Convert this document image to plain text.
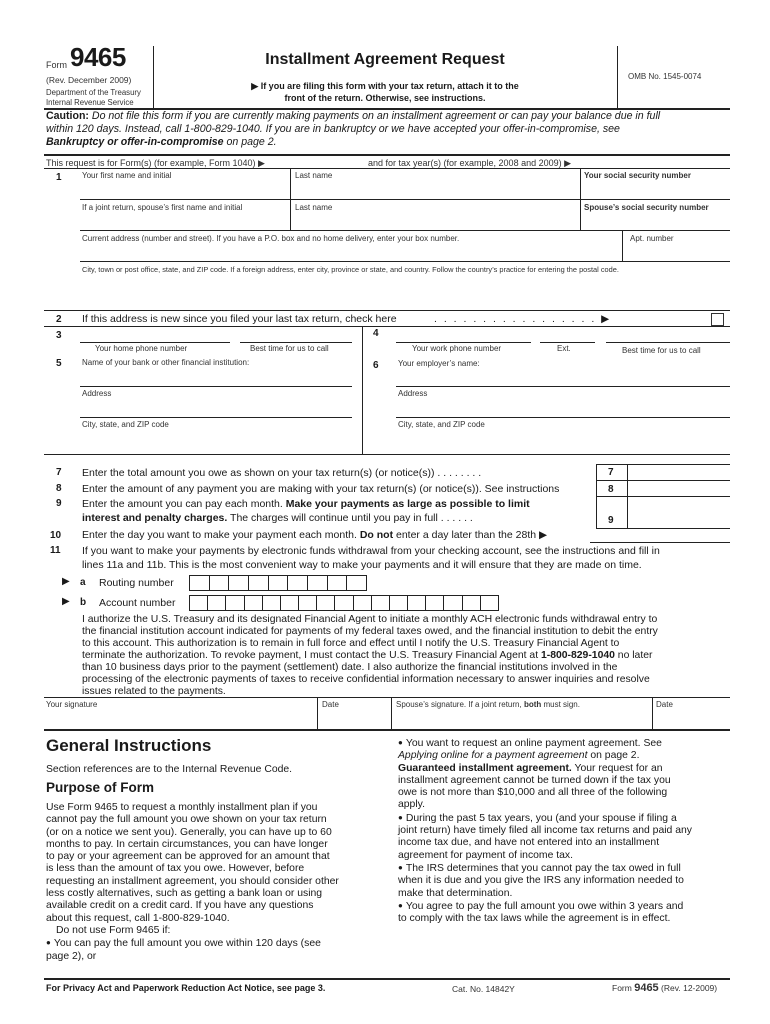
Form 9465
(Rev. December 2009)
Department of the Treasury
Internal Revenue Service
Installment Agreement Request
▶ If you are filing this form with your tax return, attach it to the
front of the return. Otherwise, see instructions.
OMB No. 1545-0074
Caution: Do not file this form if you are currently making payments on an installment agreement or can pay your balance due in full
within 120 days. Instead, call 1-800-829-1040. If you are in bankruptcy or we have accepted your offer-in-compromise, see
Bankruptcy or offer-in-compromise on page 2.
This request is for Form(s) (for example, Form 1040) ▶	and for tax year(s) (for example, 2008 and 2009) ▶
1	Your first name and initial	Last name	Your social security number
If a joint return, spouse’s first name and initial	Last name	Spouse’s social security number
Current address (number and street). If you have a P.O. box and no home delivery, enter your box number.	Apt. number
City, town or post office, state, and ZIP code. If a foreign address, enter city, province or state, and country. Follow the country’s practice for entering the postal code.
2 If this address is new since you filed your last tax return, check here	. . . . . . . . . . . . . . . . . ▶
3
Your home phone number	Best time for us to call
4
Your work phone number	Ext.	Best time for us to call
5	Name of your bank or other financial institution:
Address
City, state, and ZIP code
6 Your employer’s name:
Address
City, state, and ZIP code
7 Enter the total amount you owe as shown on your tax return(s) (or notice(s)) . . . . . . . .	7
8 Enter the amount of any payment you are making with your tax return(s) (or notice(s)). See instructions	8
9 Enter the amount you can pay each month. Make your payments as large as possible to limit
interest and penalty charges. The charges will continue until you pay in full . . . . . .	9
10 Enter the day you want to make your payment each month. Do not enter a day later than the 28th ▶
11 If you want to make your payments by electronic funds withdrawal from your checking account, see the instructions and fill in
lines 11a and 11b. This is the most convenient way to make your payments and it will ensure that they are made on time.
▶ a Routing number
▶ b Account number
I authorize the U.S. Treasury and its designated Financial Agent to initiate a monthly ACH electronic funds withdrawal entry to
the financial institution account indicated for payments of my federal taxes owed, and the financial institution to debit the entry
to this account. This authorization is to remain in full force and effect until I notify the U.S. Treasury Financial Agent to
terminate the authorization. To revoke payment, I must contact the U.S. Treasury Financial Agent at 1-800-829-1040 no later
than 10 business days prior to the payment (settlement) date. I also authorize the financial institutions involved in the
processing of the electronic payments of taxes to receive confidential information necessary to answer inquiries and resolve
issues related to the payments.
Your signature	Date	Spouse’s signature. If a joint return, both must sign.	Date
General Instructions
Section references are to the Internal Revenue Code.
Purpose of Form
Use Form 9465 to request a monthly installment plan if you
cannot pay the full amount you owe shown on your tax return
(or on a notice we sent you). Generally, you can have up to 60
months to pay. In certain circumstances, you can have longer
to pay or your agreement can be approved for an amount that
is less than the amount of tax you owe. However, before
requesting an installment agreement, you should consider other
less costly alternatives, such as getting a bank loan or using
available credit on a credit card. If you have any questions
about this request, call 1-800-829-1040.
Do not use Form 9465 if:
● You can pay the full amount you owe within 120 days (see
page 2), or
● You want to request an online payment agreement. See
Applying online for a payment agreement on page 2.
Guaranteed installment agreement. Your request for an
installment agreement cannot be turned down if the tax you
owe is not more than $10,000 and all three of the following
apply.
● During the past 5 tax years, you (and your spouse if filing a
joint return) have timely filed all income tax returns and paid any
income tax due, and have not entered into an installment
agreement for payment of income tax.
● The IRS determines that you cannot pay the tax owed in full
when it is due and you give the IRS any information needed to
make that determination.
● You agree to pay the full amount you owe within 3 years and
to comply with the tax laws while the agreement is in effect.
For Privacy Act and Paperwork Reduction Act Notice, see page 3.	Cat. No. 14842Y	Form 9465 (Rev. 12-2009)
